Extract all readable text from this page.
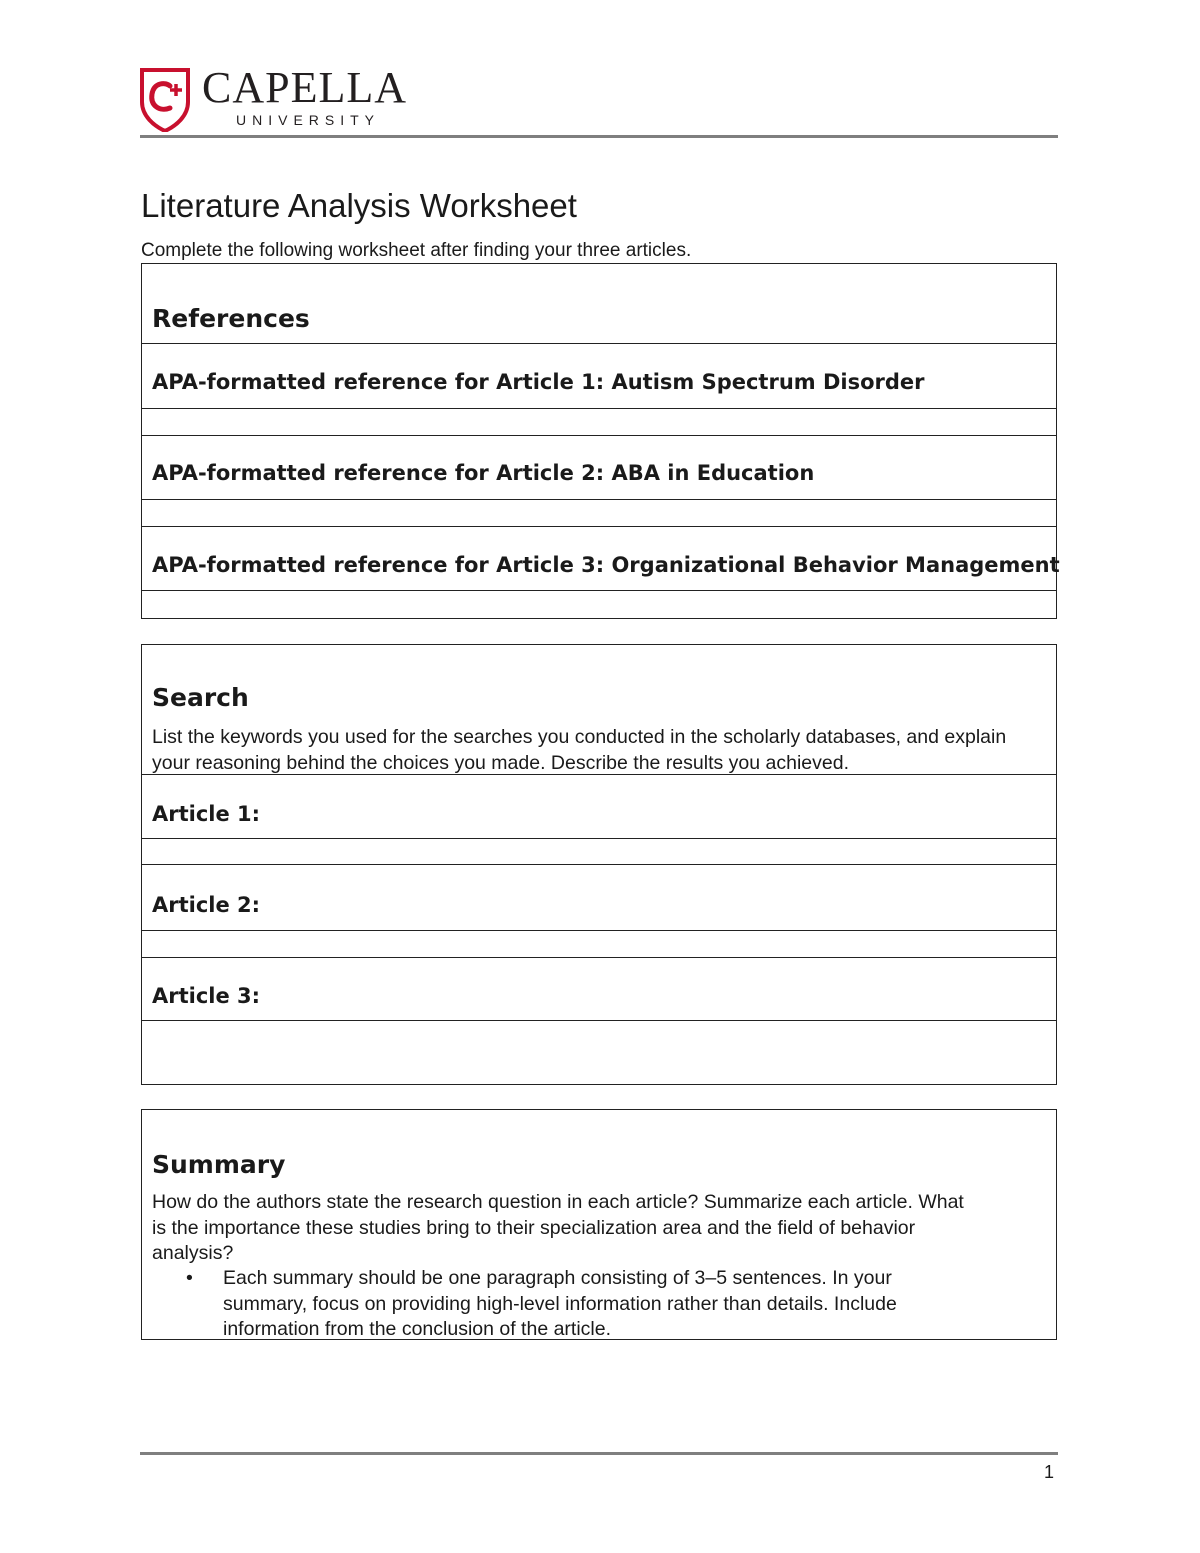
CAPELLA
UNIVERSITY
Literature Analysis Worksheet
Complete the following worksheet after finding your three articles.
References
APA-formatted reference for Article 1: Autism Spectrum Disorder
APA-formatted reference for Article 2: ABA in Education
APA-formatted reference for Article 3: Organizational Behavior Management
Search
List the keywords you used for the searches you conducted in the scholarly databases, and explain your reasoning behind the choices you made. Describe the results you achieved.
Article 1:
Article 2:
Article 3:
Summary
How do the authors state the research question in each article? Summarize each article. What is the importance these studies bring to their specialization area and the field of behavior analysis?
• Each summary should be one paragraph consisting of 3–5 sentences. In your summary, focus on providing high-level information rather than details. Include information from the conclusion of the article.
1
